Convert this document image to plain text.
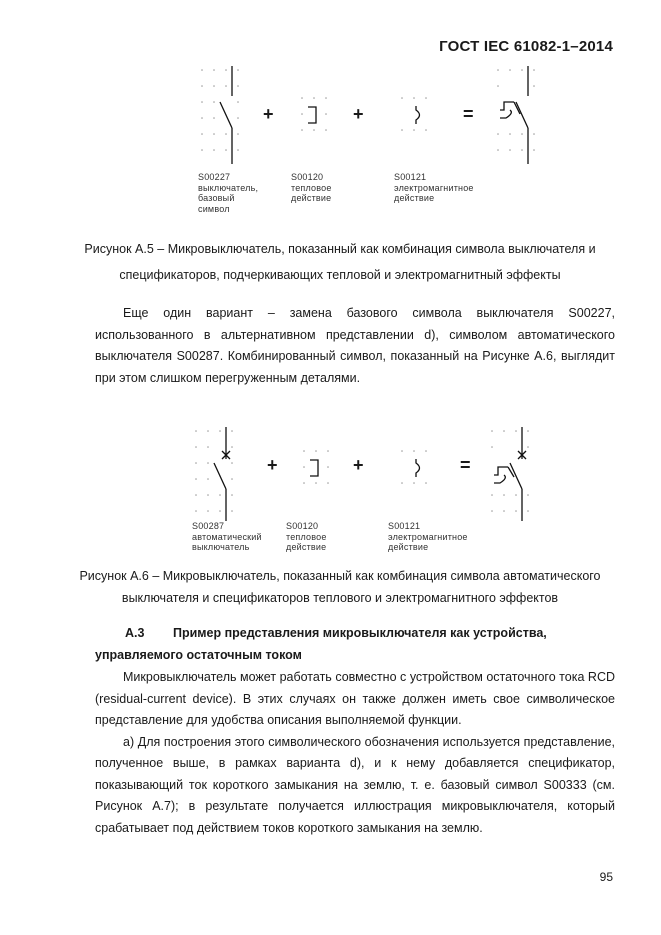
ГОСТ IEC 61082-1–2014
+	+	=
S00227
выключатель,
базовый
символ
S00120
тепловое
действие
S00121
электромагнитное
действие
Рисунок А.5 – Микровыключатель, показанный как комбинация символа выключателя и
спецификаторов, подчеркивающих тепловой и электромагнитный эффекты

Еще один вариант – замена базового символа выключателя S00227, использованного в альтернативном представлении d), символом автоматического выключателя S00287. Комбинированный символ, показанный на Рисунке А.6, выглядит при этом слишком перегруженным деталями.

+	+	=
S00287
автоматический
выключатель
S00120
тепловое
действие
S00121
электромагнитное
действие
Рисунок А.6 – Микровыключатель, показанный как комбинация символа автоматического
выключателя и спецификаторов теплового и электромагнитного эффектов
A.3 Пример представления микровыключателя как устройства,
управляемого остаточным током

Микровыключатель может работать совместно с устройством остаточного тока RCD (residual-current device). В этих случаях он также должен иметь свое символическое представление для удобства описания выполняемой функции.

а) Для построения этого символического обозначения используется представление, полученное выше, в рамках варианта d), и к нему добавляется спецификатор, показывающий ток короткого замыкания на землю, т. е. базовый символ S00333 (см. Рисунок А.7); в результате получается иллюстрация микровыключателя, который срабатывает под действием токов короткого замыкания на землю.

95
